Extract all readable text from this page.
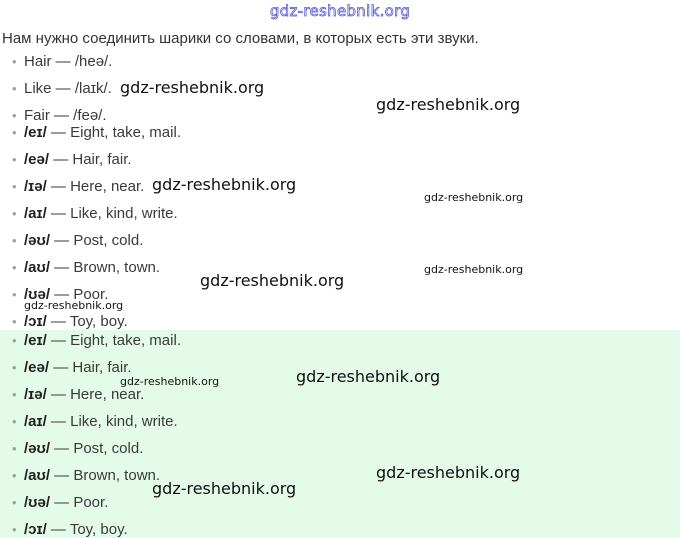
gdz-reshebnik.org
Нам нужно соединить шарики со словами, в которых есть эти звуки.
• Hair — /heə/.
• Like — /laɪk/.
• Fair — /feə/.
• /eɪ/ — Eight, take, mail.
• /eə/ — Hair, fair.
• /ɪə/ — Here, near.
• /aɪ/ — Like, kind, write.
• /əʊ/ — Post, cold.
• /aʊ/ — Brown, town.
• /ʊə/ — Poor.
• /ɔɪ/ — Toy, boy.
• /eɪ/ — Eight, take, mail.
• /eə/ — Hair, fair.
• /ɪə/ — Here, near.
• /aɪ/ — Like, kind, write.
• /əʊ/ — Post, cold.
• /aʊ/ — Brown, town.
• /ʊə/ — Poor.
• /ɔɪ/ — Toy, boy.
gdz-reshebnik.org
gdz-reshebnik.org
gdz-reshebnik.org
gdz-reshebnik.org
gdz-reshebnik.org
gdz-reshebnik.org
gdz-reshebnik.org
gdz-reshebnik.org
gdz-reshebnik.org
gdz-reshebnik.org
gdz-reshebnik.org
